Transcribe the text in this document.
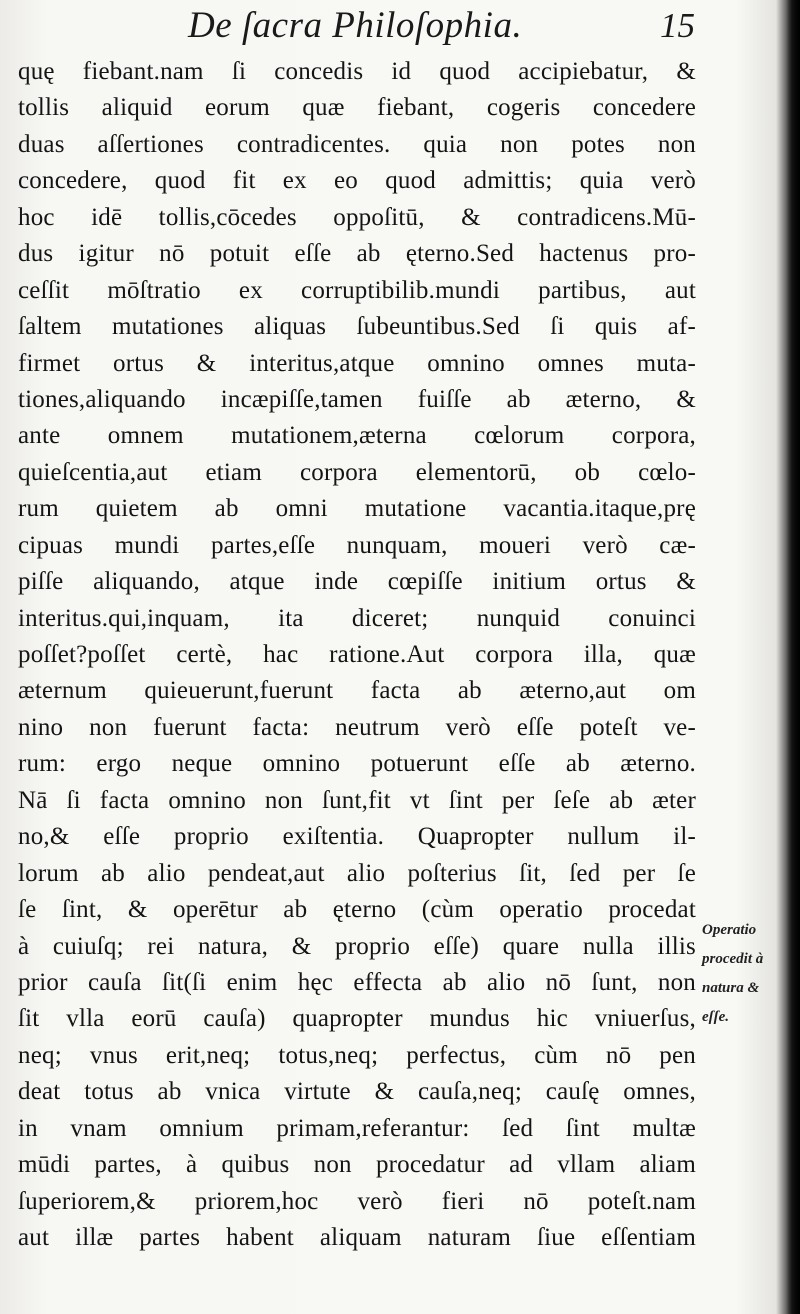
De ſacra Philoſophia.	15
quę fiebant.nam ſi concedis id quod accipiebatur, &
tollis aliquid eorum quæ fiebant, cogeris concedere
duas aſſertiones contradicentes. quia non potes non
concedere, quod fit ex eo quod admittis; quia verò
hoc idē tollis,cōcedes oppoſitū, & contradicens.Mū-
dus igitur nō potuit eſſe ab ęterno.Sed hactenus pro-
ceſſit mōſtratio ex corruptibilib.mundi partibus, aut
ſaltem mutationes aliquas ſubeuntibus.Sed ſi quis af-
firmet ortus & interitus,atque omnino omnes muta-
tiones,aliquando incæpiſſe,tamen fuiſſe ab æterno, &
ante omnem mutationem,æterna cœlorum corpora,
quieſcentia,aut etiam corpora elementorū, ob cœlo-
rum quietem ab omni mutatione vacantia.itaque,prę
cipuas mundi partes,eſſe nunquam, moueri verò cæ-
piſſe aliquando, atque inde cœpiſſe initium ortus &
interitus.qui,inquam, ita diceret; nunquid conuinci
poſſet?poſſet certè, hac ratione.Aut corpora illa, quæ
æternum quieuerunt,fuerunt facta ab æterno,aut om
nino non fuerunt facta: neutrum verò eſſe poteſt ve-
rum: ergo neque omnino potuerunt eſſe ab æterno.
Nā ſi facta omnino non ſunt,fit vt ſint per ſeſe ab æter
no,& eſſe proprio exiſtentia. Quapropter nullum il-
lorum ab alio pendeat,aut alio poſterius ſit, ſed per ſe
ſe ſint, & operētur ab ęterno (cùm operatio procedat
à cuiuſq; rei natura, & proprio eſſe) quare nulla illis
prior cauſa ſit(ſi enim hęc effecta ab alio nō ſunt, non
ſit vlla eorū cauſa) quapropter mundus hic vniuerſus,
neq; vnus erit,neq; totus,neq; perfectus, cùm nō pen
deat totus ab vnica virtute & cauſa,neq; cauſę omnes,
in vnam omnium primam,referantur: ſed ſint multæ
mūdi partes, à quibus non procedatur ad vllam aliam
ſuperiorem,& priorem,hoc verò fieri nō poteſt.nam
aut illæ partes habent aliquam naturam ſiue eſſentiam
Operatio
procedit à
natura &
eſſe.
